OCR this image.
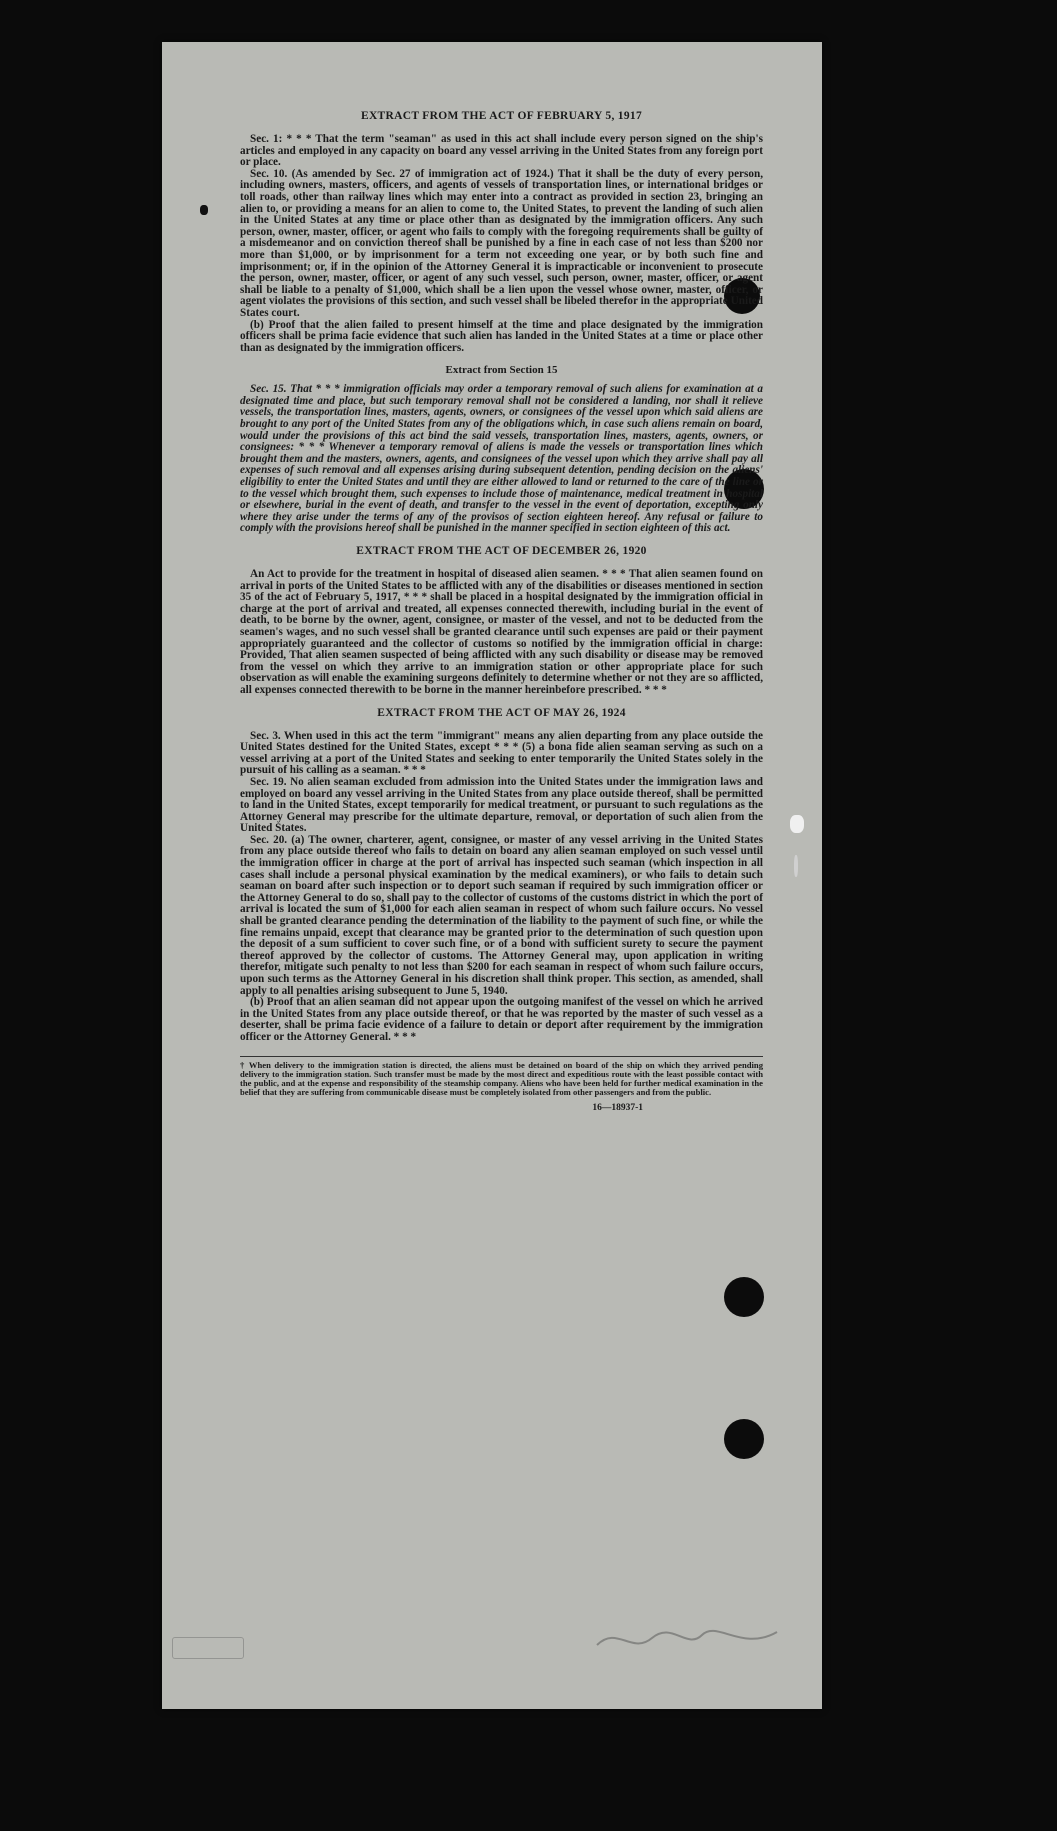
EXTRACT FROM THE ACT OF FEBRUARY 5, 1917

Sec. 1: * * * That the term "seaman" as used in this act shall include every person signed on the ship's articles and employed in any capacity on board any vessel arriving in the United States from any foreign port or place.

Sec. 10. (As amended by Sec. 27 of immigration act of 1924.) That it shall be the duty of every person, including owners, masters, officers, and agents of vessels of transportation lines, or international bridges or toll roads, other than railway lines which may enter into a contract as provided in section 23, bringing an alien to, or providing a means for an alien to come to, the United States, to prevent the landing of such alien in the United States at any time or place other than as designated by the immigration officers. Any such person, owner, master, officer, or agent who fails to comply with the foregoing requirements shall be guilty of a misdemeanor and on conviction thereof shall be punished by a fine in each case of not less than $200 nor more than $1,000, or by imprisonment for a term not exceeding one year, or by both such fine and imprisonment; or, if in the opinion of the Attorney General it is impracticable or inconvenient to prosecute the person, owner, master, officer, or agent of any such vessel, such person, owner, master, officer, or agent shall be liable to a penalty of $1,000, which shall be a lien upon the vessel whose owner, master, officer, or agent violates the provisions of this section, and such vessel shall be libeled therefor in the appropriate United States court.

(b) Proof that the alien failed to present himself at the time and place designated by the immigration officers shall be prima facie evidence that such alien has landed in the United States at a time or place other than as designated by the immigration officers.

Extract from Section 15

Sec. 15. That * * * immigration officials may order a temporary removal of such aliens for examination at a designated time and place, but such temporary removal shall not be considered a landing, nor shall it relieve vessels, the transportation lines, masters, agents, owners, or consignees of the vessel upon which said aliens are brought to any port of the United States from any of the obligations which, in case such aliens remain on board, would under the provisions of this act bind the said vessels, transportation lines, masters, agents, owners, or consignees: * * * Whenever a temporary removal of aliens is made the vessels or transportation lines which brought them and the masters, owners, agents, and consignees of the vessel upon which they arrive shall pay all expenses of such removal and all expenses arising during subsequent detention, pending decision on the aliens' eligibility to enter the United States and until they are either allowed to land or returned to the care of the line or to the vessel which brought them, such expenses to include those of maintenance, medical treatment in hospital or elsewhere, burial in the event of death, and transfer to the vessel in the event of deportation, excepting only where they arise under the terms of any of the provisos of section eighteen hereof. Any refusal or failure to comply with the provisions hereof shall be punished in the manner specified in section eighteen of this act.

EXTRACT FROM THE ACT OF DECEMBER 26, 1920

An Act to provide for the treatment in hospital of diseased alien seamen. * * * That alien seamen found on arrival in ports of the United States to be afflicted with any of the disabilities or diseases mentioned in section 35 of the act of February 5, 1917, * * * shall be placed in a hospital designated by the immigration official in charge at the port of arrival and treated, all expenses connected therewith, including burial in the event of death, to be borne by the owner, agent, consignee, or master of the vessel, and not to be deducted from the seamen's wages, and no such vessel shall be granted clearance until such expenses are paid or their payment appropriately guaranteed and the collector of customs so notified by the immigration official in charge: Provided, That alien seamen suspected of being afflicted with any such disability or disease may be removed from the vessel on which they arrive to an immigration station or other appropriate place for such observation as will enable the examining surgeons definitely to determine whether or not they are so afflicted, all expenses connected therewith to be borne in the manner hereinbefore prescribed. * * *

EXTRACT FROM THE ACT OF MAY 26, 1924

Sec. 3. When used in this act the term "immigrant" means any alien departing from any place outside the United States destined for the United States, except * * * (5) a bona fide alien seaman serving as such on a vessel arriving at a port of the United States and seeking to enter temporarily the United States solely in the pursuit of his calling as a seaman. * * *

Sec. 19. No alien seaman excluded from admission into the United States under the immigration laws and employed on board any vessel arriving in the United States from any place outside thereof, shall be permitted to land in the United States, except temporarily for medical treatment, or pursuant to such regulations as the Attorney General may prescribe for the ultimate departure, removal, or deportation of such alien from the United States.

Sec. 20. (a) The owner, charterer, agent, consignee, or master of any vessel arriving in the United States from any place outside thereof who fails to detain on board any alien seaman employed on such vessel until the immigration officer in charge at the port of arrival has inspected such seaman (which inspection in all cases shall include a personal physical examination by the medical examiners), or who fails to detain such seaman on board after such inspection or to deport such seaman if required by such immigration officer or the Attorney General to do so, shall pay to the collector of customs of the customs district in which the port of arrival is located the sum of $1,000 for each alien seaman in respect of whom such failure occurs. No vessel shall be granted clearance pending the determination of the liability to the payment of such fine, or while the fine remains unpaid, except that clearance may be granted prior to the determination of such question upon the deposit of a sum sufficient to cover such fine, or of a bond with sufficient surety to secure the payment thereof approved by the collector of customs. The Attorney General may, upon application in writing therefor, mitigate such penalty to not less than $200 for each seaman in respect of whom such failure occurs, upon such terms as the Attorney General in his discretion shall think proper. This section, as amended, shall apply to all penalties arising subsequent to June 5, 1940.

(b) Proof that an alien seaman did not appear upon the outgoing manifest of the vessel on which he arrived in the United States from any place outside thereof, or that he was reported by the master of such vessel as a deserter, shall be prima facie evidence of a failure to detain or deport after requirement by the immigration officer or the Attorney General. * * *

† When delivery to the immigration station is directed, the aliens must be detained on board of the ship on which they arrived pending delivery to the immigration station. Such transfer must be made by the most direct and expeditious route with the least possible contact with the public, and at the expense and responsibility of the steamship company. Aliens who have been held for further medical examination in the belief that they are suffering from communicable disease must be completely isolated from other passengers and from the public.
16—18937-1
